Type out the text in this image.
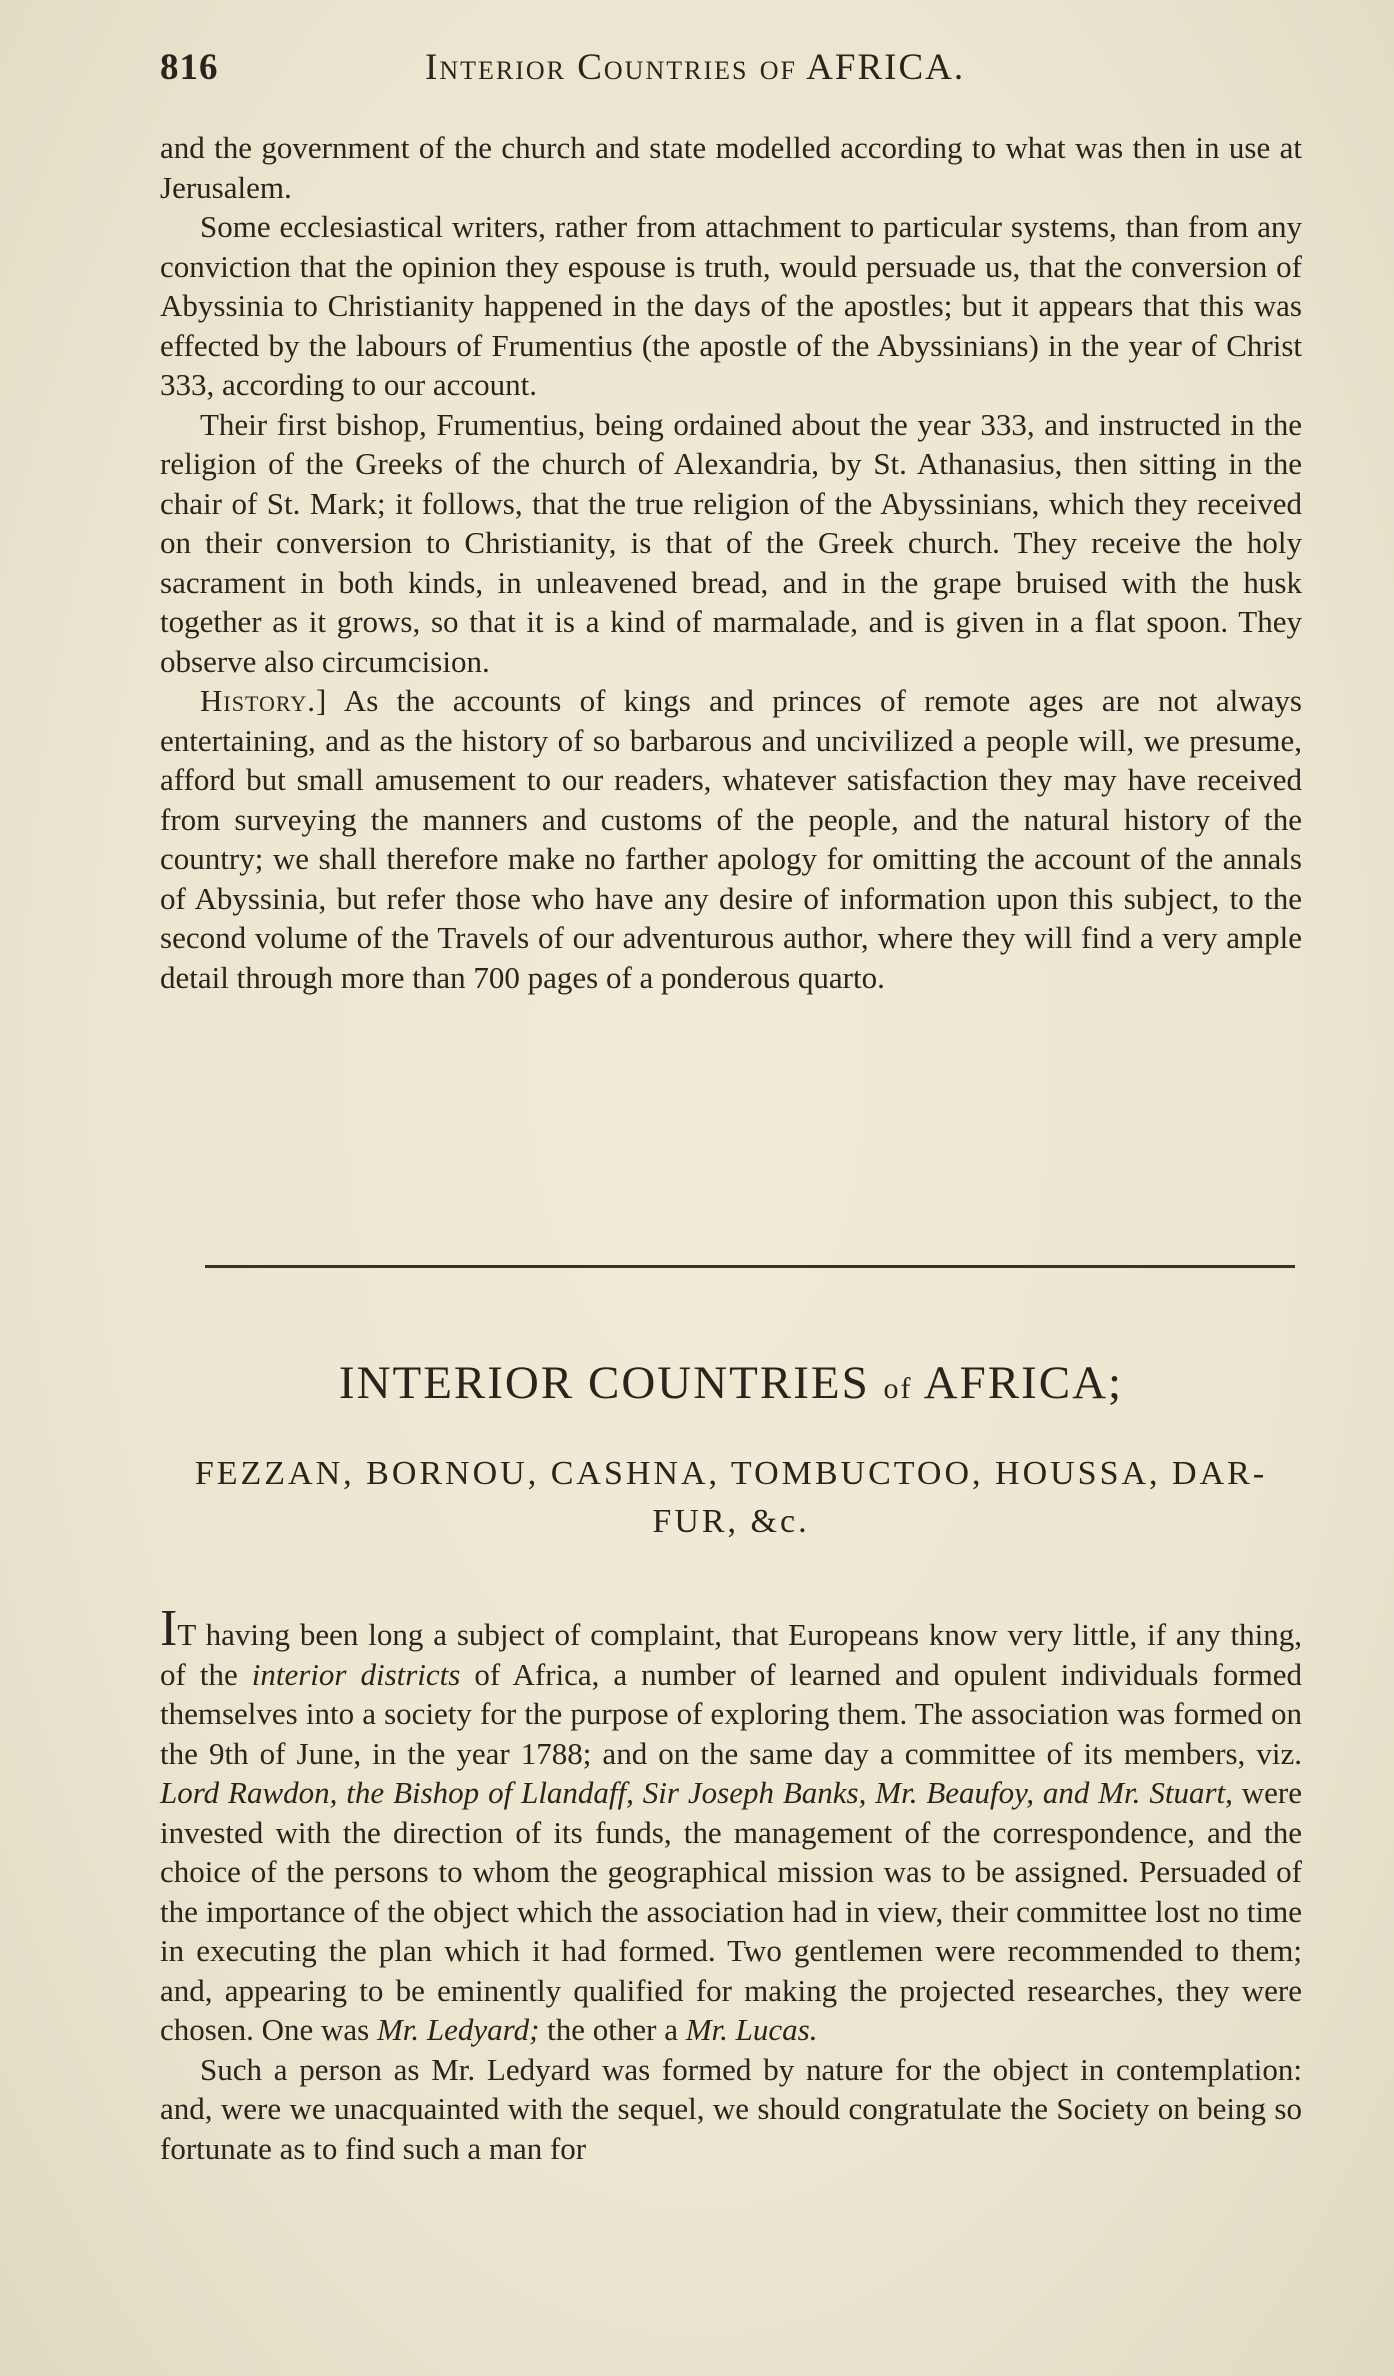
816	Interior Countries of AFRICA.

and the government of the church and state modelled according to what was then in use at Jerusalem.

Some ecclesiastical writers, rather from attachment to particular systems, than from any conviction that the opinion they espouse is truth, would persuade us, that the conversion of Abyssinia to Christianity happened in the days of the apostles; but it appears that this was effected by the labours of Frumentius (the apostle of the Abyssinians) in the year of Christ 333, according to our account.

Their first bishop, Frumentius, being ordained about the year 333, and instructed in the religion of the Greeks of the church of Alexandria, by St. Athanasius, then sitting in the chair of St. Mark; it follows, that the true religion of the Abyssinians, which they received on their conversion to Christianity, is that of the Greek church. They receive the holy sacrament in both kinds, in unleavened bread, and in the grape bruised with the husk together as it grows, so that it is a kind of marmalade, and is given in a flat spoon. They observe also circumcision.

History.] As the accounts of kings and princes of remote ages are not always entertaining, and as the history of so barbarous and uncivilized a people will, we presume, afford but small amusement to our readers, whatever satisfaction they may have received from surveying the manners and customs of the people, and the natural history of the country; we shall therefore make no farther apology for omitting the account of the annals of Abyssinia, but refer those who have any desire of information upon this subject, to the second volume of the Travels of our adventurous author, where they will find a very ample detail through more than 700 pages of a ponderous quarto.

INTERIOR COUNTRIES of AFRICA;
FEZZAN, BORNOU, CASHNA, TOMBUCTOO, HOUSSA, DAR-FUR, &c.

IT having been long a subject of complaint, that Europeans know very little, if any thing, of the interior districts of Africa, a number of learned and opulent individuals formed themselves into a society for the purpose of exploring them. The association was formed on the 9th of June, in the year 1788; and on the same day a committee of its members, viz. Lord Rawdon, the Bishop of Llandaff, Sir Joseph Banks, Mr. Beaufoy, and Mr. Stuart, were invested with the direction of its funds, the management of the correspondence, and the choice of the persons to whom the geographical mission was to be assigned. Persuaded of the importance of the object which the association had in view, their committee lost no time in executing the plan which it had formed. Two gentlemen were recommended to them; and, appearing to be eminently qualified for making the projected researches, they were chosen. One was Mr. Ledyard; the other a Mr. Lucas.

Such a person as Mr. Ledyard was formed by nature for the object in contemplation: and, were we unacquainted with the sequel, we should congratulate the Society on being so fortunate as to find such a man for
